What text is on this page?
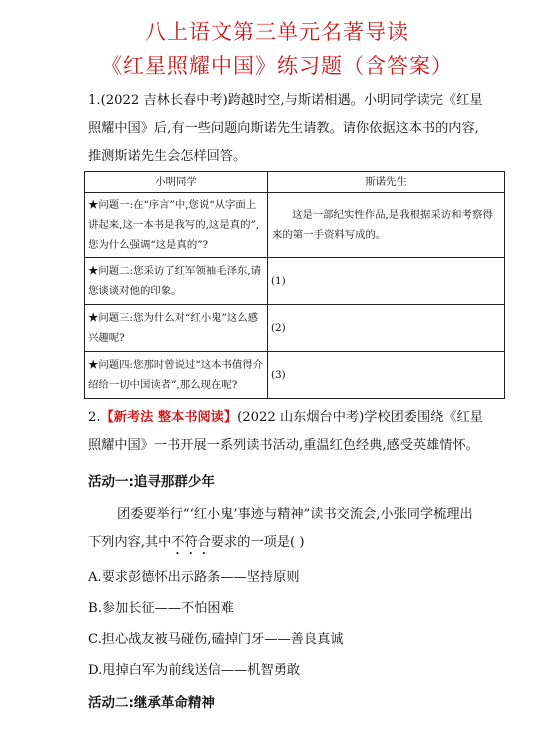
八上语文第三单元名著导读
《红星照耀中国》练习题（含答案）
1.(2022 吉林长春中考)跨越时空,与斯诺相遇。小明同学读完《红星
照耀中国》后,有一些问题向斯诺先生请教。请你依据这本书的内容,
推测斯诺先生会怎样回答。
小明同学	斯诺先生
★问题一:在“序言”中,您说“从字面上讲起来,这一本书是我写的,这是真的”,您为什么强调“这是真的”?	这是一部纪实性作品,是我根据采访和考察得来的第一手资料写成的。
★问题二:您采访了红军领袖毛泽东,请您谈谈对他的印象。	(1)
★问题三:您为什么对“红小鬼”这么感兴趣呢?	(2)
★问题四:您那时曾说过“这本书值得介绍给一切中国读者”,那么现在呢?	(3)
2.【新考法 整本书阅读】(2022 山东烟台中考)学校团委围绕《红星
照耀中国》一书开展一系列读书活动,重温红色经典,感受英雄情怀。
活动一:追寻那群少年
团委要举行“‘红小鬼’事迹与精神”读书交流会,小张同学梳理出
下列内容,其中不符合要求的一项是( )
A.要求彭德怀出示路条——坚持原则
B.参加长征——不怕困难
C.担心战友被马碰伤,磕掉门牙——善良真诚
D.甩掉白军为前线送信——机智勇敢
活动二:继承革命精神
